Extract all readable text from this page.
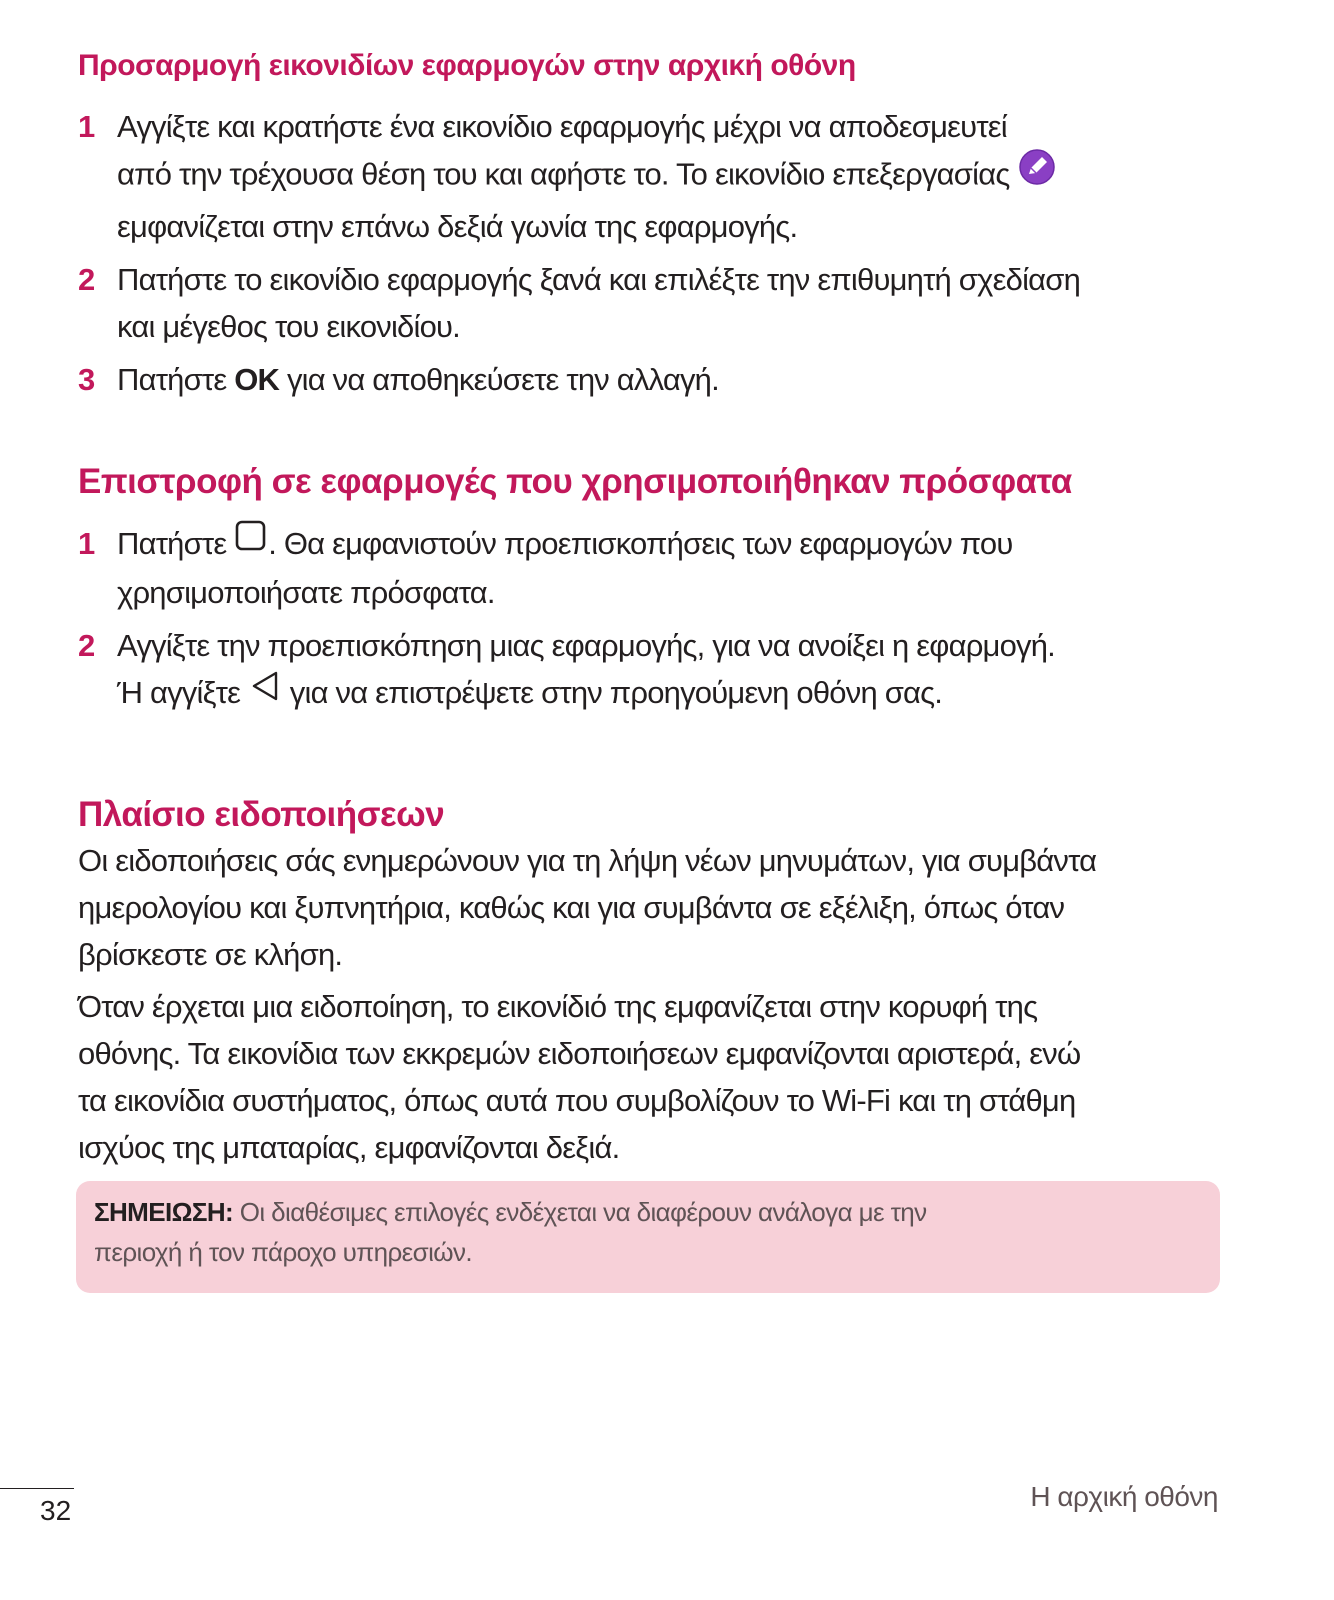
Προσαρμογή εικονιδίων εφαρμογών στην αρχική οθόνη
1 Αγγίξτε και κρατήστε ένα εικονίδιο εφαρμογής μέχρι να αποδεσμευτεί
από την τρέχουσα θέση του και αφήστε το. Το εικονίδιο επεξεργασίας
εμφανίζεται στην επάνω δεξιά γωνία της εφαρμογής.
2 Πατήστε το εικονίδιο εφαρμογής ξανά και επιλέξτε την επιθυμητή σχεδίαση
και μέγεθος του εικονιδίου.
3 Πατήστε OK για να αποθηκεύσετε την αλλαγή.
Επιστροφή σε εφαρμογές που χρησιμοποιήθηκαν πρόσφατα
1 Πατήστε . Θα εμφανιστούν προεπισκοπήσεις των εφαρμογών που
χρησιμοποιήσατε πρόσφατα.
2 Αγγίξτε την προεπισκόπηση μιας εφαρμογής, για να ανοίξει η εφαρμογή.
Ή αγγίξτε  για να επιστρέψετε στην προηγούμενη οθόνη σας.
Πλαίσιο ειδοποιήσεων

Οι ειδοποιήσεις σάς ενημερώνουν για τη λήψη νέων μηνυμάτων, για συμβάντα
ημερολογίου και ξυπνητήρια, καθώς και για συμβάντα σε εξέλιξη, όπως όταν
βρίσκεστε σε κλήση.

Όταν έρχεται μια ειδοποίηση, το εικονίδιό της εμφανίζεται στην κορυφή της
οθόνης. Τα εικονίδια των εκκρεμών ειδοποιήσεων εμφανίζονται αριστερά, ενώ
τα εικονίδια συστήματος, όπως αυτά που συμβολίζουν το Wi-Fi και τη στάθμη
ισχύος της μπαταρίας, εμφανίζονται δεξιά.

ΣΗΜΕΙΩΣΗ: Οι διαθέσιμες επιλογές ενδέχεται να διαφέρουν ανάλογα με την
περιοχή ή τον πάροχο υπηρεσιών.
32	Η αρχική οθόνη
